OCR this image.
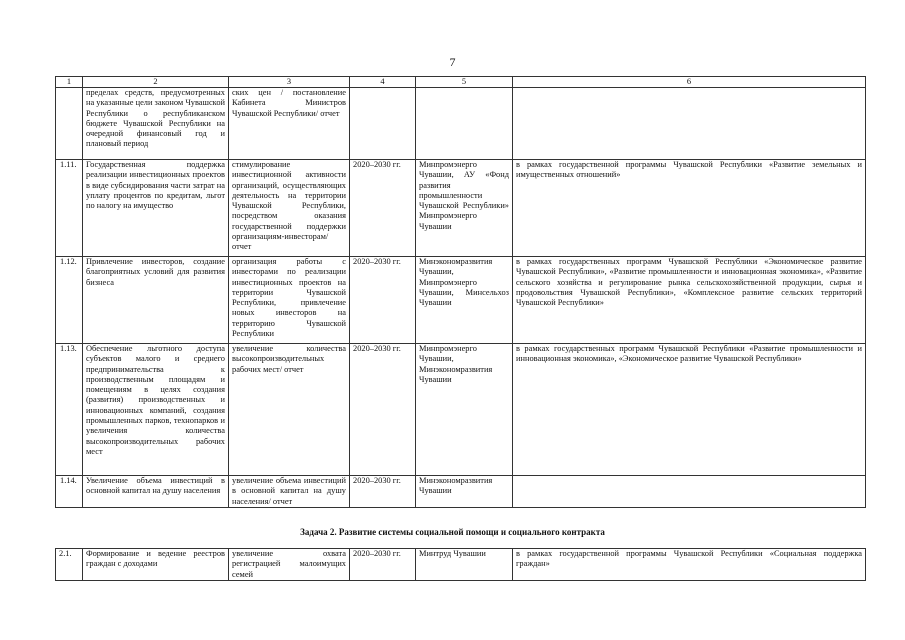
7
1	2	3	4	5	6
	пределах средств, предусмотренных на указанные цели законом Чувашской Республики о республиканском бюджете Чувашской Республики на очередной финансовый год и плановый период	ских цен / постановление Кабинета Министров Чувашской Республики/ отчет			
1.11.	Государственная поддержка реализации инвестиционных проектов в виде субсидирования части затрат на уплату процентов по кредитам, льгот по налогу на имущество	стимулирование инвестиционной активности организаций, осуществляющих деятельность на территории Чувашской Республики, посредством оказания государственной поддержки организациям-инвесторам/ отчет	2020–2030 гг.	Минпромэнерго Чувашии, АУ «Фонд развития промышленности Чувашской Республики» Минпромэнерго Чувашии	в рамках государственной программы Чувашской Республики «Развитие земельных и имущественных отношений»
1.12.	Привлечение инвесторов, создание благоприятных условий для развития бизнеса	организация работы с инвесторами по реализации инвестиционных проектов на территории Чувашской Республики, привлечение новых инвесторов на территорию Чувашской Республики	2020–2030 гг.	Минэкономразвития Чувашии, Минпромэнерго Чувашии, Минсельхоз Чувашии	в рамках государственных программ Чувашской Республики «Экономическое развитие Чувашской Республики», «Развитие промышленности и инновационная экономика», «Развитие сельского хозяйства и регулирование рынка сельскохозяйственной продукции, сырья и продовольствия Чувашской Республики», «Комплексное развитие сельских территорий Чувашской Республики»
1.13.	Обеспечение льготного доступа субъектов малого и среднего предпринимательства к производственным площадям и помещениям в целях создания (развития) производственных и инновационных компаний, создания промышленных парков, технопарков и увеличения количества высокопроизводительных рабочих мест	увеличение количества высокопроизводительных рабочих мест/ отчет	2020–2030 гг.	Минпромэнерго Чувашии, Минэкономразвития Чувашии	в рамках государственных программ Чувашской Республики «Развитие промышленности и инновационная экономика», «Экономическое развитие Чувашской Республики»
1.14.	Увеличение объема инвестиций в основной капитал на душу населения	увеличение объема инвестиций в основной капитал на душу населения/ отчет	2020–2030 гг.	Минэкономразвития Чувашии	
Задача 2. Развитие системы социальной помощи и социального контракта
2.1.	Формирование и ведение реестров граждан с доходами	увеличение охвата регистрацией малоимущих семей	2020–2030 гг.	Минтруд Чувашии	в рамках государственной программы Чувашской Республики «Социальная поддержка граждан»
